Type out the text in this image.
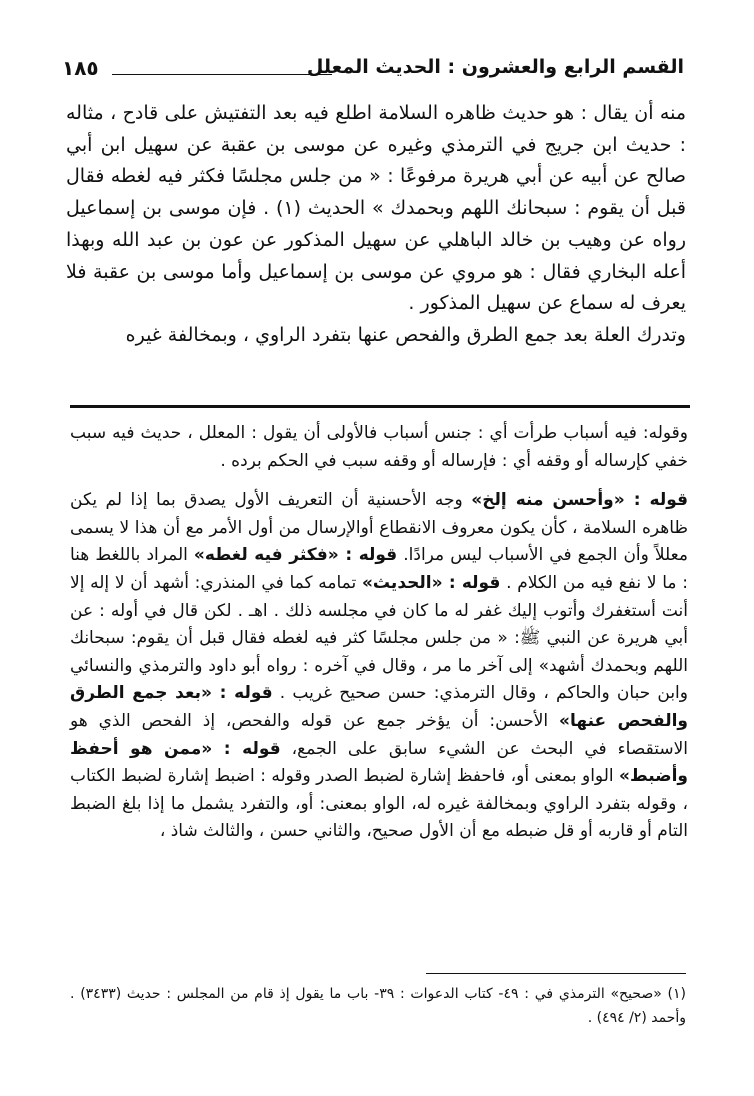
القسم الرابع والعشرون : الحديث المعلل
١٨٥

منه أن يقال : هو حديث ظاهره السلامة اطلع فيه بعد التفتيش على قادح ، مثاله : حديث ابن جريج في الترمذي وغيره عن موسى بن عقبة عن سهيل ابن أبي صالح عن أبيه عن أبي هريرة مرفوعًا : « من جلس مجلسًا فكثر فيه لغطه فقال قبل أن يقوم : سبحانك اللهم وبحمدك » الحديث (١) . فإن موسى بن إسماعيل رواه عن وهيب بن خالد الباهلي عن سهيل المذكور عن عون بن عبد الله وبهذا أعله البخاري فقال : هو مروي عن موسى بن إسماعيل وأما موسى بن عقبة فلا يعرف له سماع عن سهيل المذكور .

وتدرك العلة بعد جمع الطرق والفحص عنها بتفرد الراوي ، وبمخالفة غيره

وقوله: فيه أسباب طرأت أي : جنس أسباب فالأولى أن يقول : المعلل ، حديث فيه سبب خفي كإرساله أو وقفه أي : فإرساله أو وقفه سبب في الحكم برده .

قوله : «وأحسن منه إلخ» وجه الأحسنية أن التعريف الأول يصدق بما إذا لم يكن ظاهره السلامة ، كأن يكون معروف الانقطاع أوالإرسال من أول الأمر مع أن هذا لا يسمى معللاً وأن الجمع في الأسباب ليس مرادًا. قوله : «فكثر فيه لغطه» المراد باللغط هنا : ما لا نفع فيه من الكلام . قوله : «الحديث» تمامه كما في المنذري: أشهد أن لا إله إلا أنت أستغفرك وأتوب إليك غفر له ما كان في مجلسه ذلك . اهـ . لكن قال في أوله : عن أبي هريرة عن النبي ﷺ: « من جلس مجلسًا كثر فيه لغطه فقال قبل أن يقوم: سبحانك اللهم وبحمدك أشهد» إلى آخر ما مر ، وقال في آخره : رواه أبو داود والترمذي والنسائي وابن حبان والحاكم ، وقال الترمذي: حسن صحيح غريب . قوله : «بعد جمع الطرق والفحص عنها» الأحسن: أن يؤخر جمع عن قوله والفحص، إذ الفحص الذي هو الاستقصاء في البحث عن الشيء سابق على الجمع، قوله : «ممن هو أحفظ وأضبط» الواو بمعنى أو، فاحفظ إشارة لضبط الصدر وقوله : اضبط إشارة لضبط الكتاب ، وقوله بتفرد الراوي وبمخالفة غيره له، الواو بمعنى: أو، والتفرد يشمل ما إذا بلغ الضبط التام أو قاربه أو قل ضبطه مع أن الأول صحيح، والثاني حسن ، والثالث شاذ ،

(١) «صحيح» الترمذي في : ٤٩- كتاب الدعوات : ٣٩- باب ما يقول إذ قام من المجلس : حديث (٣٤٣٣) . وأحمد (٢/ ٤٩٤) .
